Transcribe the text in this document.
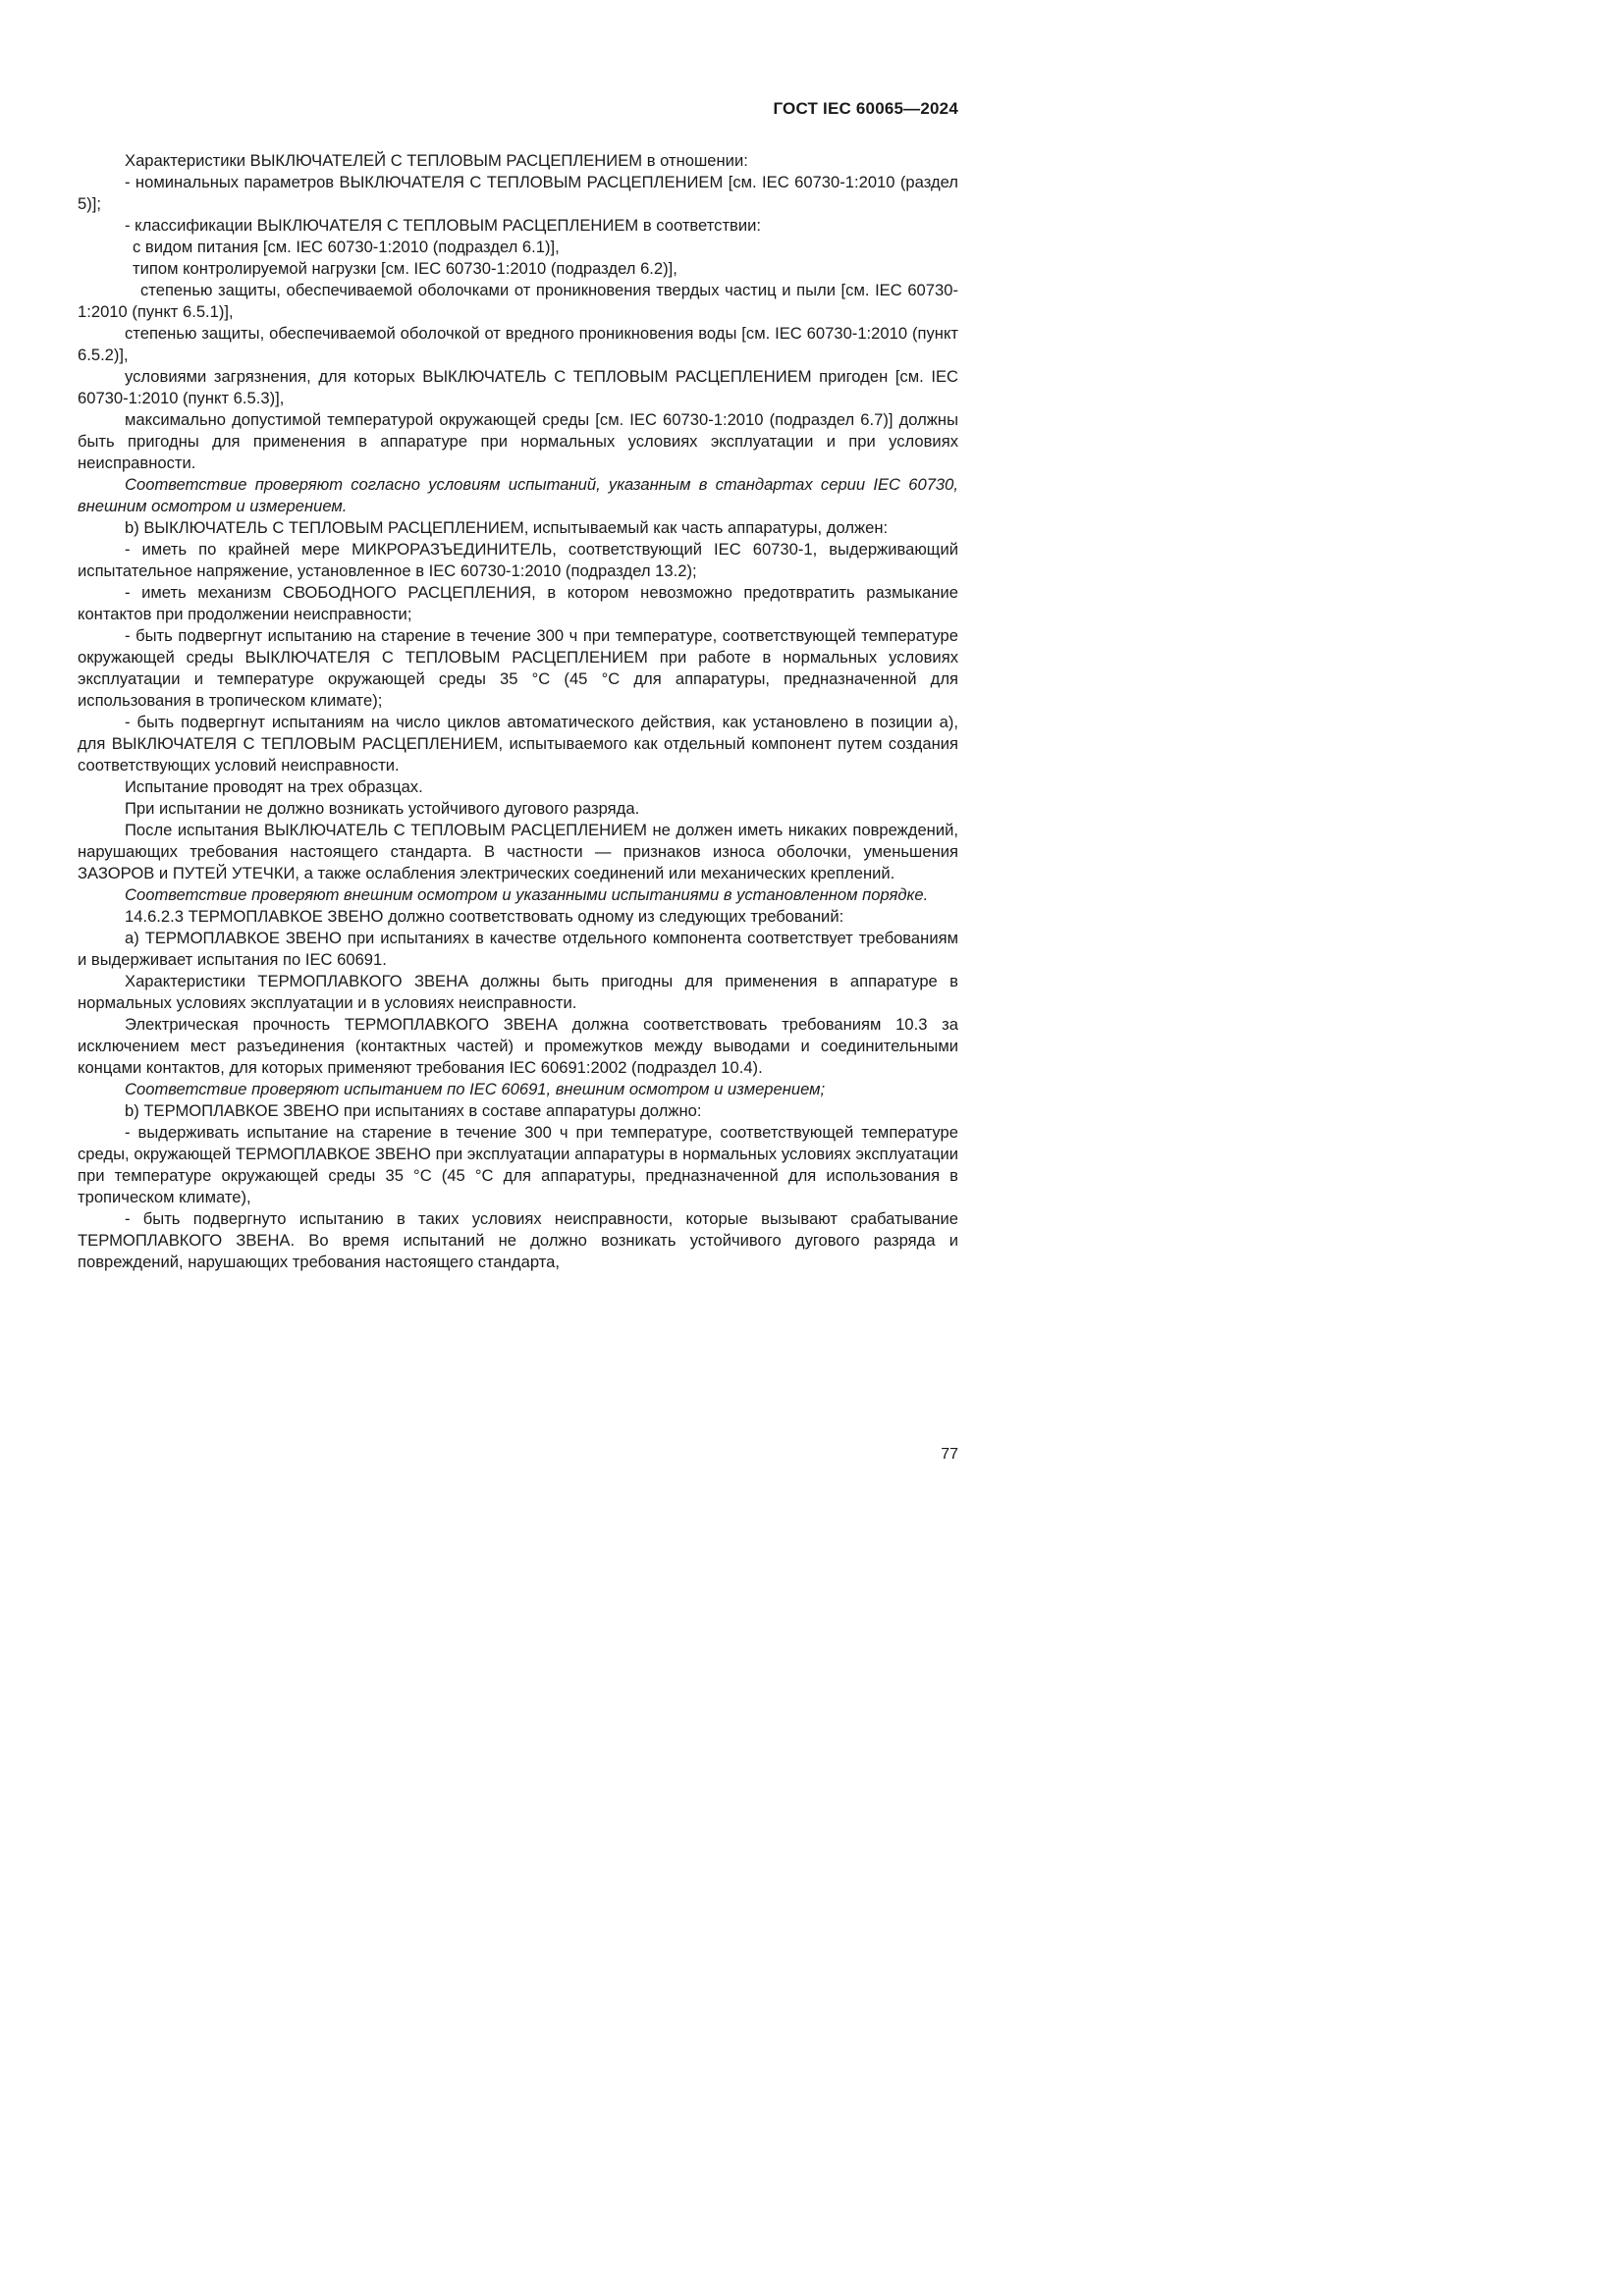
ГОСТ IEC 60065—2024

Характеристики ВЫКЛЮЧАТЕЛЕЙ С ТЕПЛОВЫМ РАСЦЕПЛЕНИЕМ в отношении:

- номинальных параметров ВЫКЛЮЧАТЕЛЯ С ТЕПЛОВЫМ РАСЦЕПЛЕНИЕМ [см. IEC 60730-1:2010 (раздел 5)];

- классификации ВЫКЛЮЧАТЕЛЯ С ТЕПЛОВЫМ РАСЦЕПЛЕНИЕМ в соответствии:

с видом питания [см. IEC 60730-1:2010 (подраздел 6.1)],

типом контролируемой нагрузки [см. IEC 60730-1:2010 (подраздел 6.2)],

степенью защиты, обеспечиваемой оболочками от проникновения твердых частиц и пыли [см. IEC 60730-1:2010 (пункт 6.5.1)],

степенью защиты, обеспечиваемой оболочкой от вредного проникновения воды [см. IEC 60730-1:2010 (пункт 6.5.2)],

условиями загрязнения, для которых ВЫКЛЮЧАТЕЛЬ С ТЕПЛОВЫМ РАСЦЕПЛЕНИЕМ пригоден [см. IEC 60730-1:2010 (пункт 6.5.3)],

максимально допустимой температурой окружающей среды [см. IEC 60730-1:2010 (подраздел 6.7)] должны быть пригодны для применения в аппаратуре при нормальных условиях эксплуатации и при условиях неисправности.

Соответствие проверяют согласно условиям испытаний, указанным в стандартах серии IEC 60730, внешним осмотром и измерением.

b) ВЫКЛЮЧАТЕЛЬ С ТЕПЛОВЫМ РАСЦЕПЛЕНИЕМ, испытываемый как часть аппаратуры, должен:

- иметь по крайней мере МИКРОРАЗЪЕДИНИТЕЛЬ, соответствующий IEC 60730-1, выдерживающий испытательное напряжение, установленное в IEC 60730-1:2010 (подраздел 13.2);

- иметь механизм СВОБОДНОГО РАСЦЕПЛЕНИЯ, в котором невозможно предотвратить размыкание контактов при продолжении неисправности;

- быть подвергнут испытанию на старение в течение 300 ч при температуре, соответствующей температуре окружающей среды ВЫКЛЮЧАТЕЛЯ С ТЕПЛОВЫМ РАСЦЕПЛЕНИЕМ при работе в нормальных условиях эксплуатации и температуре окружающей среды 35 °С (45 °С для аппаратуры, предназначенной для использования в тропическом климате);

- быть подвергнут испытаниям на число циклов автоматического действия, как установлено в позиции а), для ВЫКЛЮЧАТЕЛЯ С ТЕПЛОВЫМ РАСЦЕПЛЕНИЕМ, испытываемого как отдельный компонент путем создания соответствующих условий неисправности.

Испытание проводят на трех образцах.

При испытании не должно возникать устойчивого дугового разряда.

После испытания ВЫКЛЮЧАТЕЛЬ С ТЕПЛОВЫМ РАСЦЕПЛЕНИЕМ не должен иметь никаких повреждений, нарушающих требования настоящего стандарта. В частности — признаков износа оболочки, уменьшения ЗАЗОРОВ и ПУТЕЙ УТЕЧКИ, а также ослабления электрических соединений или механических креплений.

Соответствие проверяют внешним осмотром и указанными испытаниями в установленном порядке.

14.6.2.3 ТЕРМОПЛАВКОЕ ЗВЕНО должно соответствовать одному из следующих требований:

а) ТЕРМОПЛАВКОЕ ЗВЕНО при испытаниях в качестве отдельного компонента соответствует требованиям и выдерживает испытания по IEC 60691.

Характеристики ТЕРМОПЛАВКОГО ЗВЕНА должны быть пригодны для применения в аппаратуре в нормальных условиях эксплуатации и в условиях неисправности.

Электрическая прочность ТЕРМОПЛАВКОГО ЗВЕНА должна соответствовать требованиям 10.3 за исключением мест разъединения (контактных частей) и промежутков между выводами и соединительными концами контактов, для которых применяют требования IEC 60691:2002 (подраздел 10.4).

Соответствие проверяют испытанием по IEC 60691, внешним осмотром и измерением;

b) ТЕРМОПЛАВКОЕ ЗВЕНО при испытаниях в составе аппаратуры должно:

- выдерживать испытание на старение в течение 300 ч при температуре, соответствующей температуре среды, окружающей ТЕРМОПЛАВКОЕ ЗВЕНО при эксплуатации аппаратуры в нормальных условиях эксплуатации при температуре окружающей среды 35 °С (45 °С для аппаратуры, предназначенной для использования в тропическом климате),

- быть подвергнуто испытанию в таких условиях неисправности, которые вызывают срабатывание ТЕРМОПЛАВКОГО ЗВЕНА. Во время испытаний не должно возникать устойчивого дугового разряда и повреждений, нарушающих требования настоящего стандарта,

77
